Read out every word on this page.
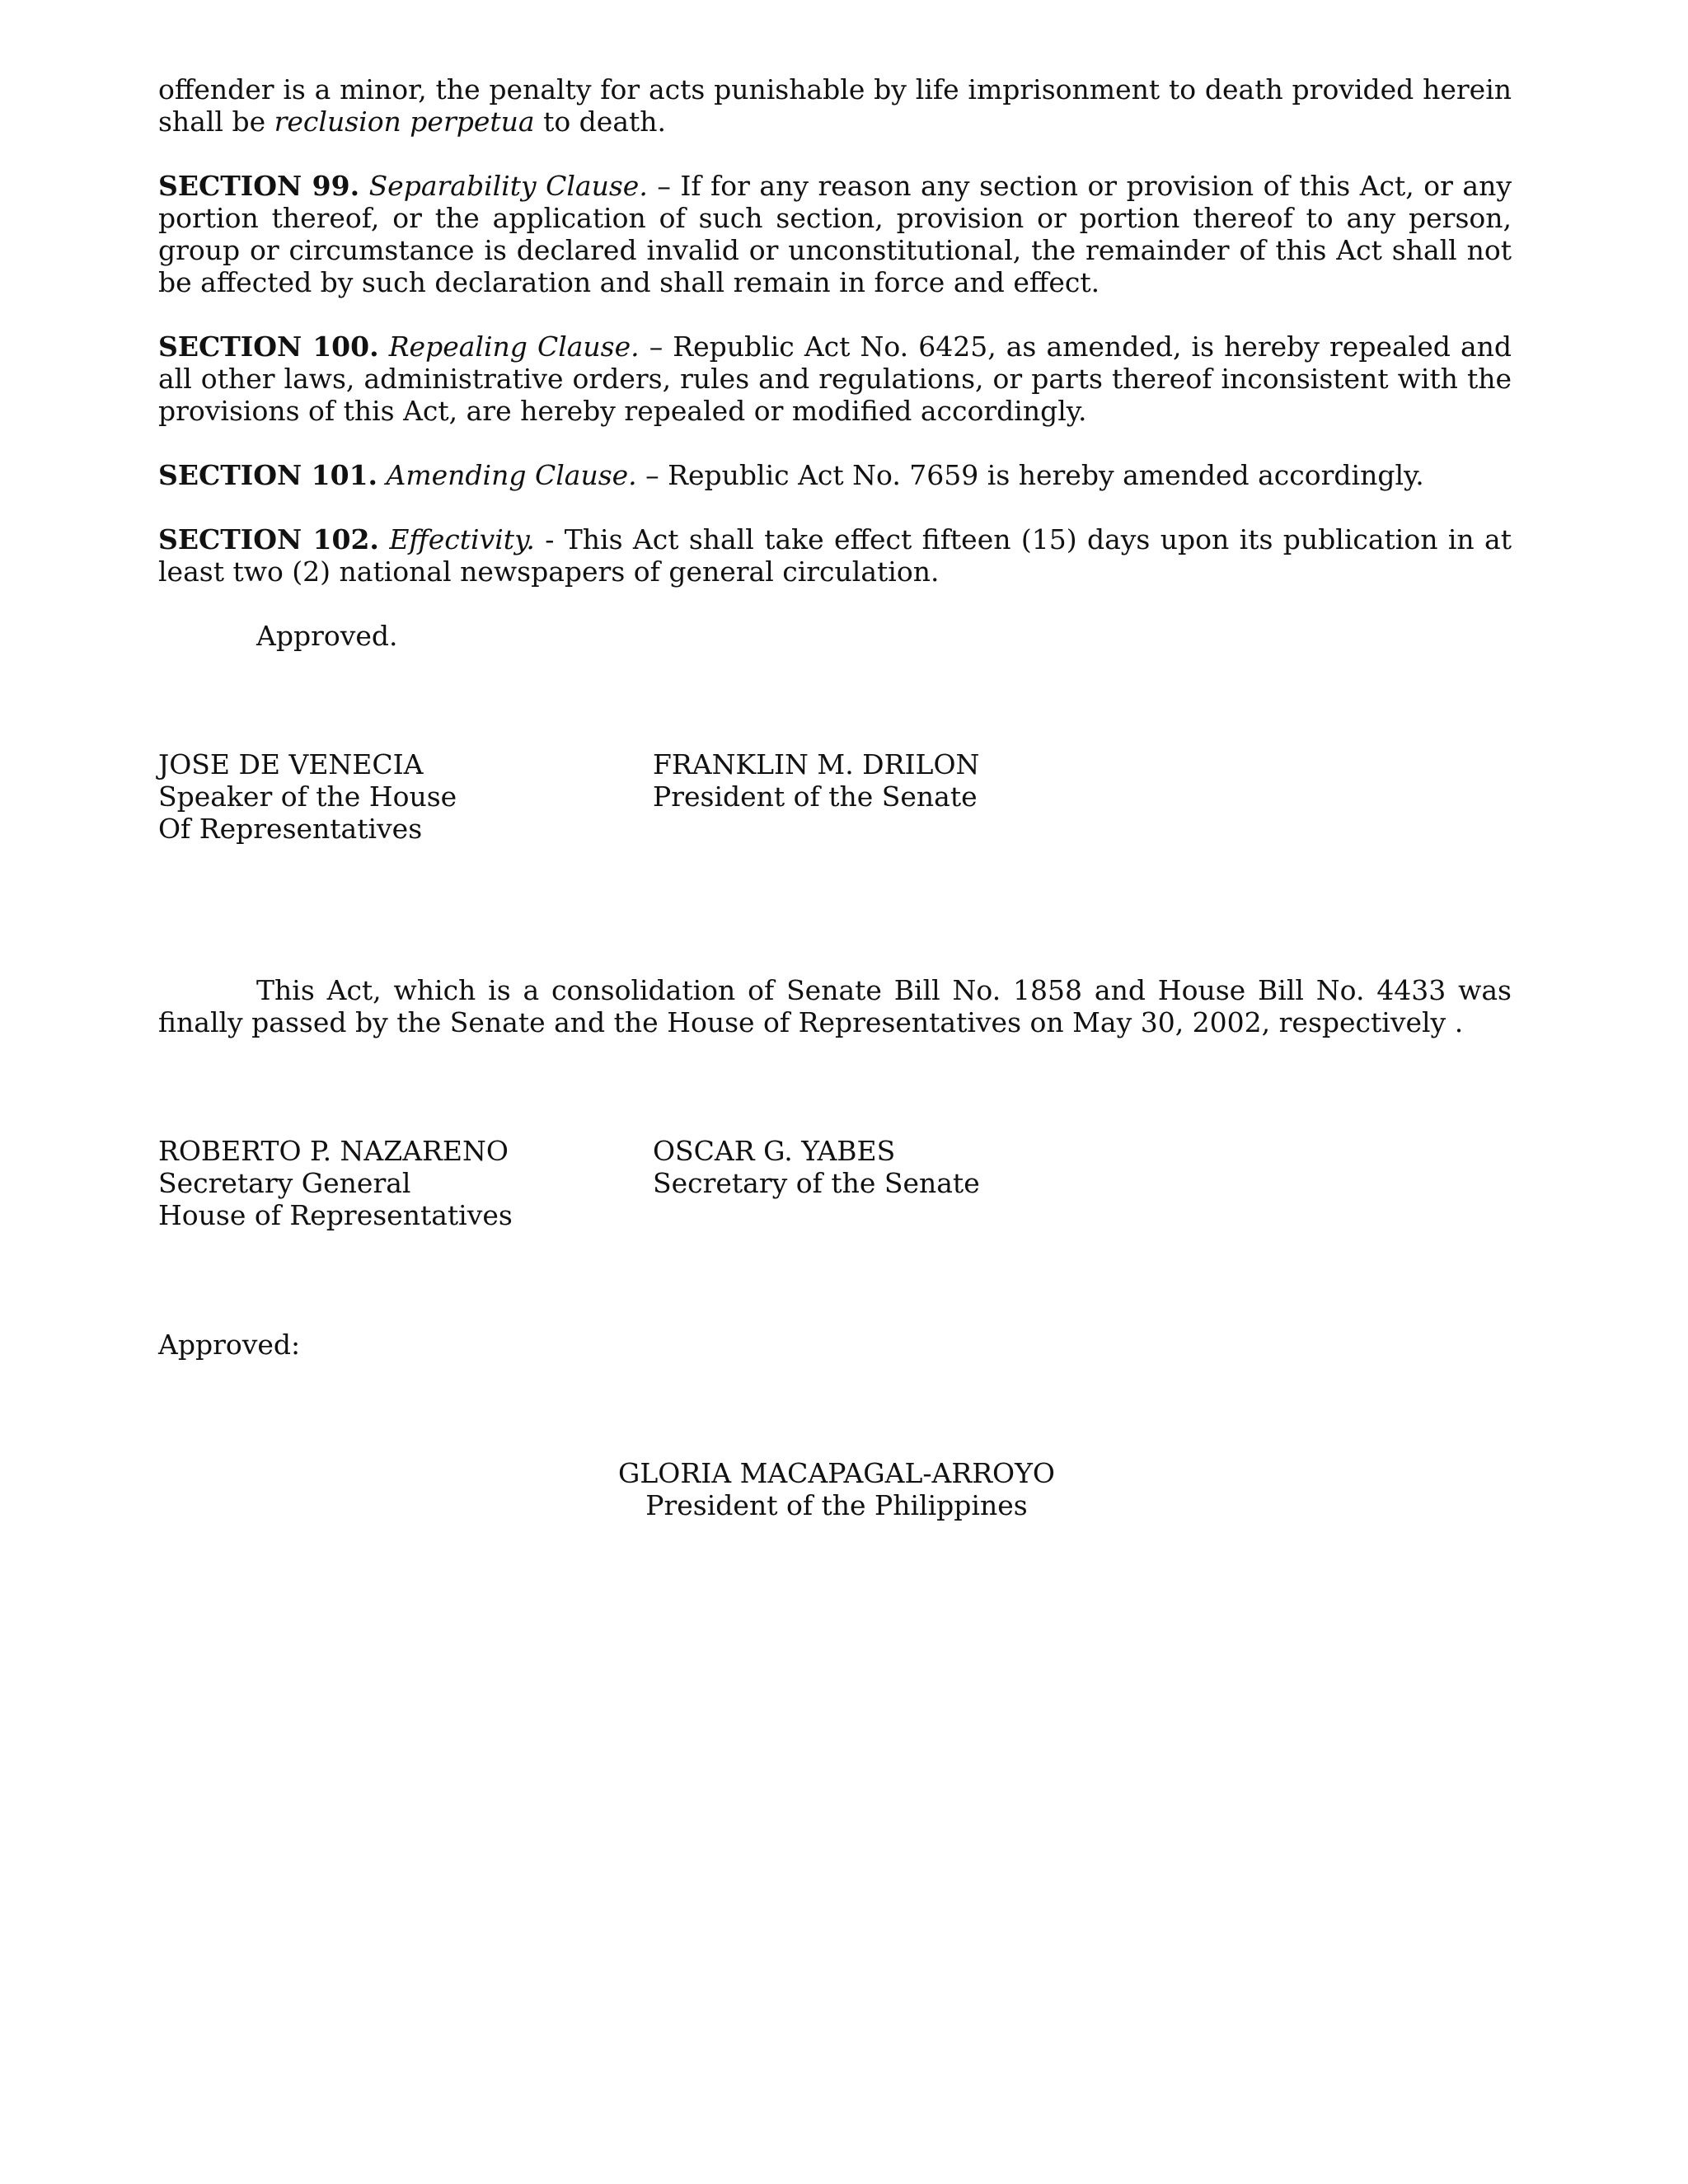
offender is a minor, the penalty for acts punishable by life imprisonment to death provided herein shall be reclusion perpetua to death.

SECTION 99. Separability Clause. – If for any reason any section or provision of this Act, or any portion thereof, or the application of such section, provision or portion thereof to any person, group or circumstance is declared invalid or unconstitutional, the remainder of this Act shall not be affected by such declaration and shall remain in force and effect.

SECTION 100. Repealing Clause. – Republic Act No. 6425, as amended, is hereby repealed and all other laws, administrative orders, rules and regulations, or parts thereof inconsistent with the provisions of this Act, are hereby repealed or modified accordingly.

SECTION 101. Amending Clause. – Republic Act No. 7659 is hereby amended accordingly.

SECTION 102. Effectivity. - This Act shall take effect fifteen (15) days upon its publication in at least two (2) national newspapers of general circulation.

Approved.

JOSE DE VENECIA
Speaker of the House
Of Representatives
FRANKLIN M. DRILON
President of the Senate

This Act, which is a consolidation of Senate Bill No. 1858 and House Bill No. 4433 was finally passed by the Senate and the House of Representatives on May 30, 2002, respectively .

ROBERTO P. NAZARENO
Secretary General
House of Representatives
OSCAR G. YABES
Secretary of the Senate

Approved:

GLORIA MACAPAGAL-ARROYO
President of the Philippines
